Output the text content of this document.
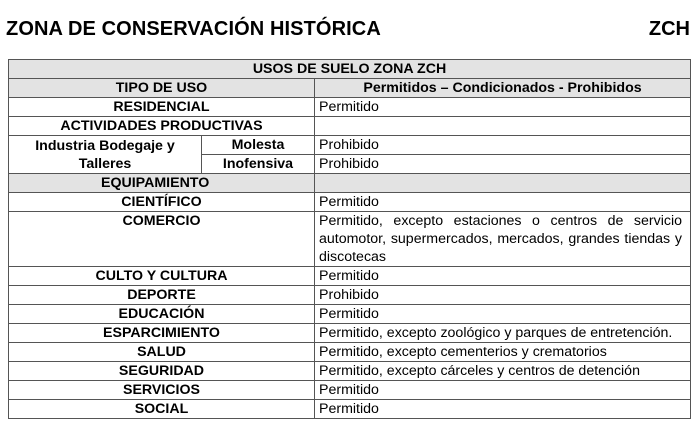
ZONA DE CONSERVACIÓN HISTÓRICA	ZCH
USOS DE SUELO ZONA ZCH		
TIPO DE USO		Permitidos – Condicionados - Prohibidos
RESIDENCIAL		Permitido
ACTIVIDADES PRODUCTIVAS		
Industria Bodegaje y Talleres	Molesta	Prohibido
	Inofensiva	Prohibido
EQUIPAMIENTO		
CIENTÍFICO		Permitido
COMERCIO		Permitido, excepto estaciones o centros de servicio automotor, supermercados, mercados, grandes tiendas y discotecas
CULTO Y CULTURA		Permitido
DEPORTE		Prohibido
EDUCACIÓN		Permitido
ESPARCIMIENTO		Permitido, excepto zoológico y parques de entretención.
SALUD		Permitido, excepto cementerios y crematorios
SEGURIDAD		Permitido, excepto cárceles y centros de detención
SERVICIOS		Permitido
SOCIAL		Permitido
